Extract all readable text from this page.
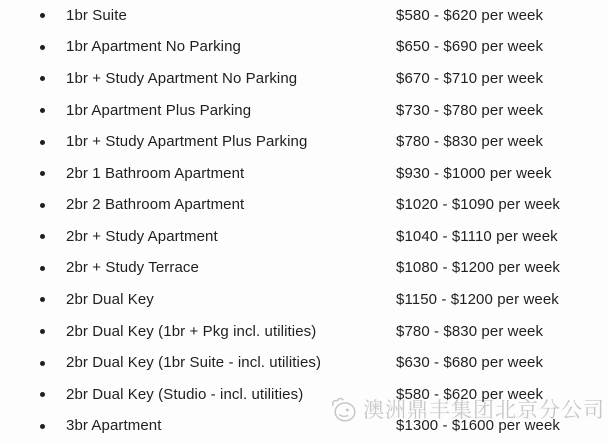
澳洲鼎丰集团北京分公司
1br Suite	$580 - $620 per week
1br Apartment No Parking	$650 - $690 per week
1br + Study Apartment No Parking	$670 - $710 per week
1br Apartment Plus Parking	$730 - $780 per week
1br + Study Apartment Plus Parking	$780 - $830 per week
2br 1 Bathroom Apartment	$930 - $1000 per week
2br 2 Bathroom Apartment	$1020 - $1090 per week
2br + Study Apartment	$1040 - $1110 per week
2br + Study Terrace	$1080 - $1200 per week
2br Dual Key	$1150 - $1200 per week
2br Dual Key (1br + Pkg incl. utilities)	$780 - $830 per week
2br Dual Key (1br Suite - incl. utilities)	$630 - $680 per week
2br Dual Key (Studio - incl. utilities)	$580 - $620 per week
3br Apartment	$1300 - $1600 per week
